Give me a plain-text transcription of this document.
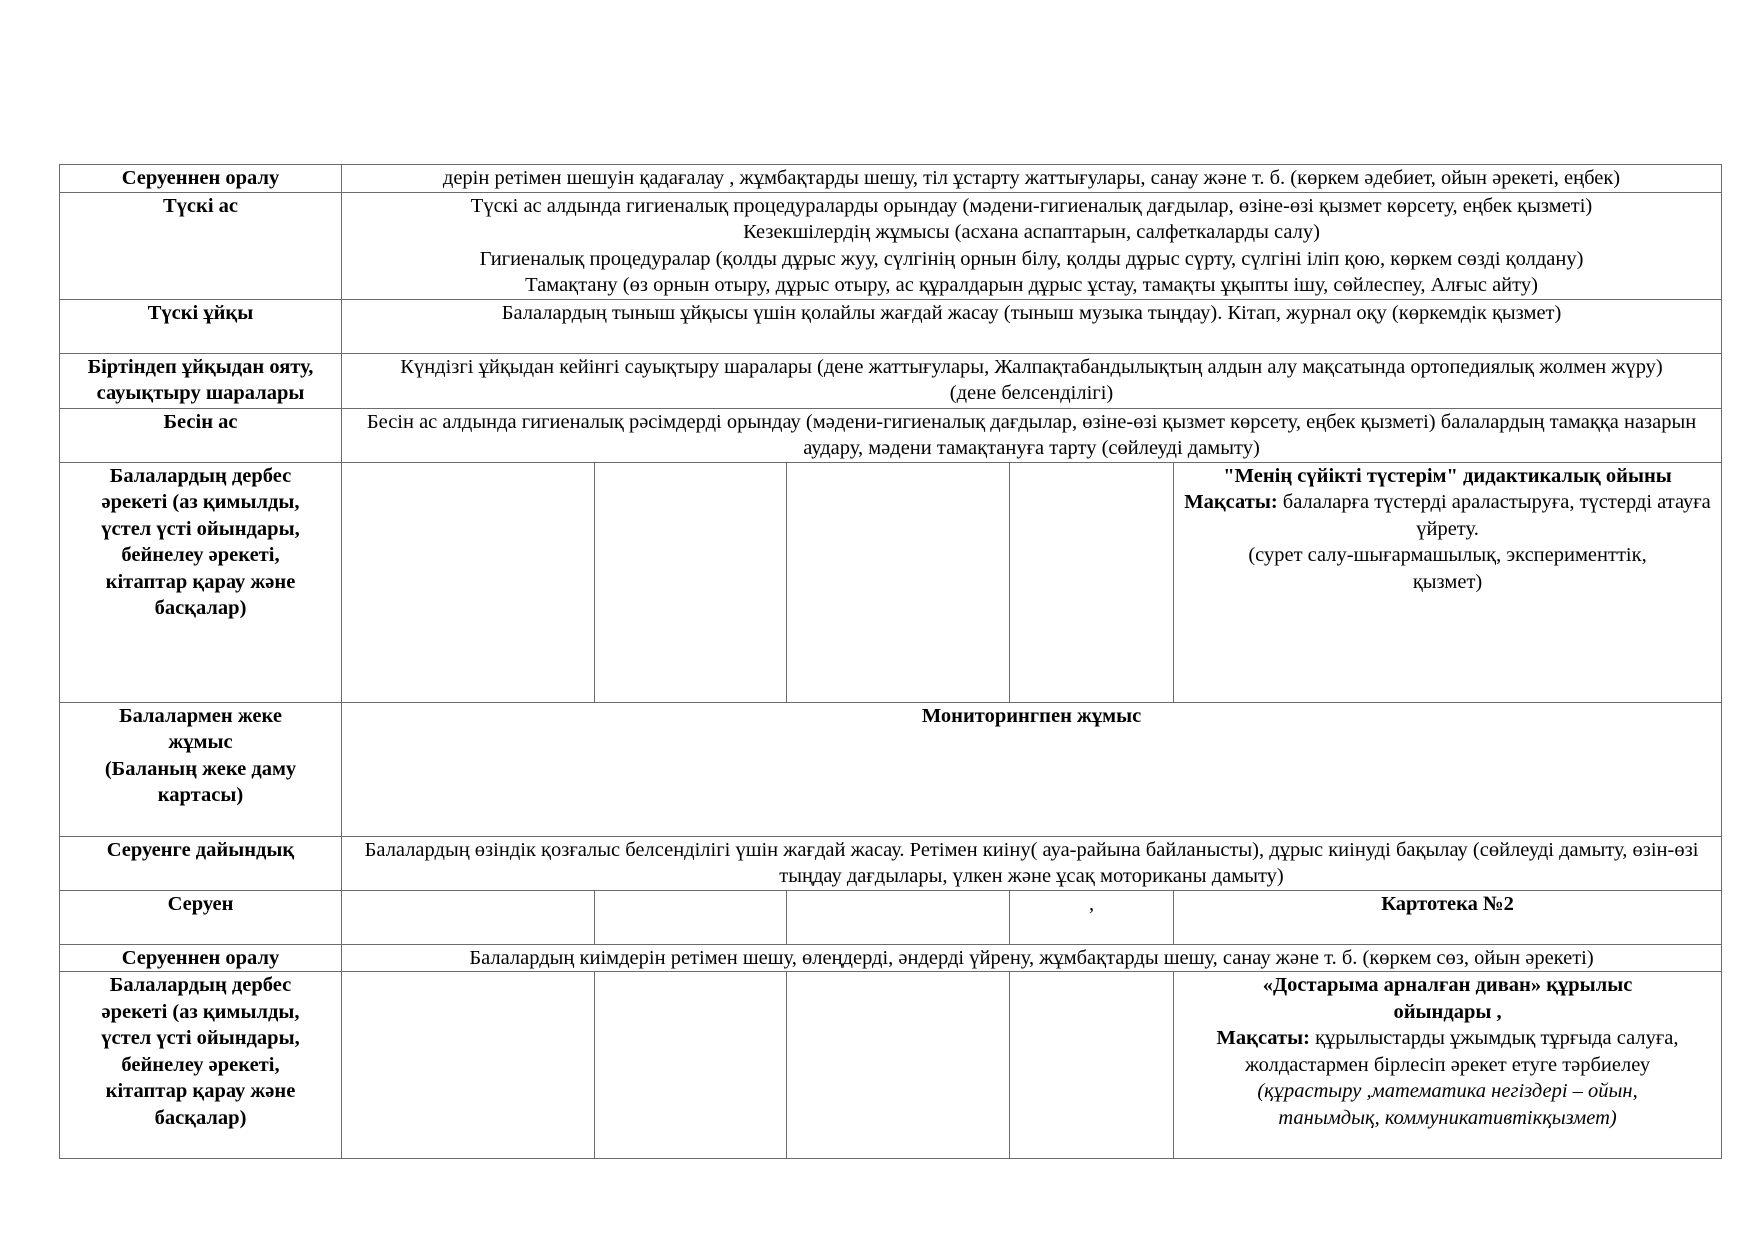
Серуеннен оралу	дерін ретімен шешуін қадағалау , жұмбақтарды шешу, тіл ұстарту жаттығулары, санау және т. б. (көркем әдебиет, ойын әрекеті, еңбек)				
Түскі ас	Түскі ас алдында гигиеналық процедураларды орындау (мәдени-гигиеналық дағдылар, өзіне-өзі қызмет көрсету, еңбек қызметі)
Кезекшілердің жұмысы (асхана аспаптарын, салфеткаларды салу)
Гигиеналық процедуралар (қолды дұрыс жуу, сүлгінің орнын білу, қолды дұрыс сүрту, сүлгіні іліп қою, көркем сөзді қолдану)
Тамақтану (өз орнын отыру, дұрыс отыру, ас құралдарын дұрыс ұстау, тамақты ұқыпты ішу, сөйлеспеу, Алғыс айту)				

Түскі ұйқы	Балалардың тыныш ұйқысы үшін қолайлы жағдай жасау (тыныш музыка тыңдау). Кітап, журнал оқу (көркемдік қызмет)				
Біртіндеп ұйқыдан ояту, сауықтыру шаралары	Күндізгі ұйқыдан кейінгі сауықтыру шаралары (дене жаттығулары, Жалпақтабандылықтың алдын алу мақсатында ортопедиялық жолмен жүру) (дене белсенділігі)				
Бесін ас	Бесін ас алдында гигиеналық рәсімдерді орындау (мәдени-гигиеналық дағдылар, өзіне-өзі қызмет көрсету, еңбек қызметі) балалардың тамаққа назарын аудару, мәдени тамақтануға тарту (сөйлеуді дамыту)				
Балалардың дербес әрекеті (аз қимылды, үстел үсті ойындары, бейнелеу әрекеті, кітаптар қарау және басқалар)					"Менің сүйікті түстерім" дидактикалық ойыны
Мақсаты: балаларға түстерді араластыруға, түстерді атауға үйрету.
(сурет салу-шығармашылық, эксперименттік, қызмет)

Балалармен жеке
жұмыс
(Баланың жеке даму
картасы)	Мониторингпен жұмыс				
Серуенге дайындық	Балалардың өзіндік қозғалыс белсенділігі үшін жағдай жасау. Ретімен киіну( ауа-райына байланысты), дұрыс киінуді бақылау (сөйлеуді дамыту, өзін-өзі тыңдау дағдылары, үлкен және ұсақ моториканы дамыту)				
Серуен				,	Картотека №2
Серуеннен оралу	Балалардың киімдерін ретімен шешу, өлеңдерді, әндерді үйрену, жұмбақтарды шешу, санау және т. б. (көркем сөз, ойын әрекеті)				
Балалардың дербес әрекеті (аз қимылды, үстел үсті ойындары, бейнелеу әрекеті, кітаптар қарау және басқалар)					«Достарыма арналған диван» құрылыс ойындары ,
Мақсаты: құрылыстарды ұжымдық тұрғыда салуға, жолдастармен бірлесіп әрекет етуге тәрбиелеу
(құрастыру ,математика негіздері – ойын, танымдық, коммуникативтікқызмет)
